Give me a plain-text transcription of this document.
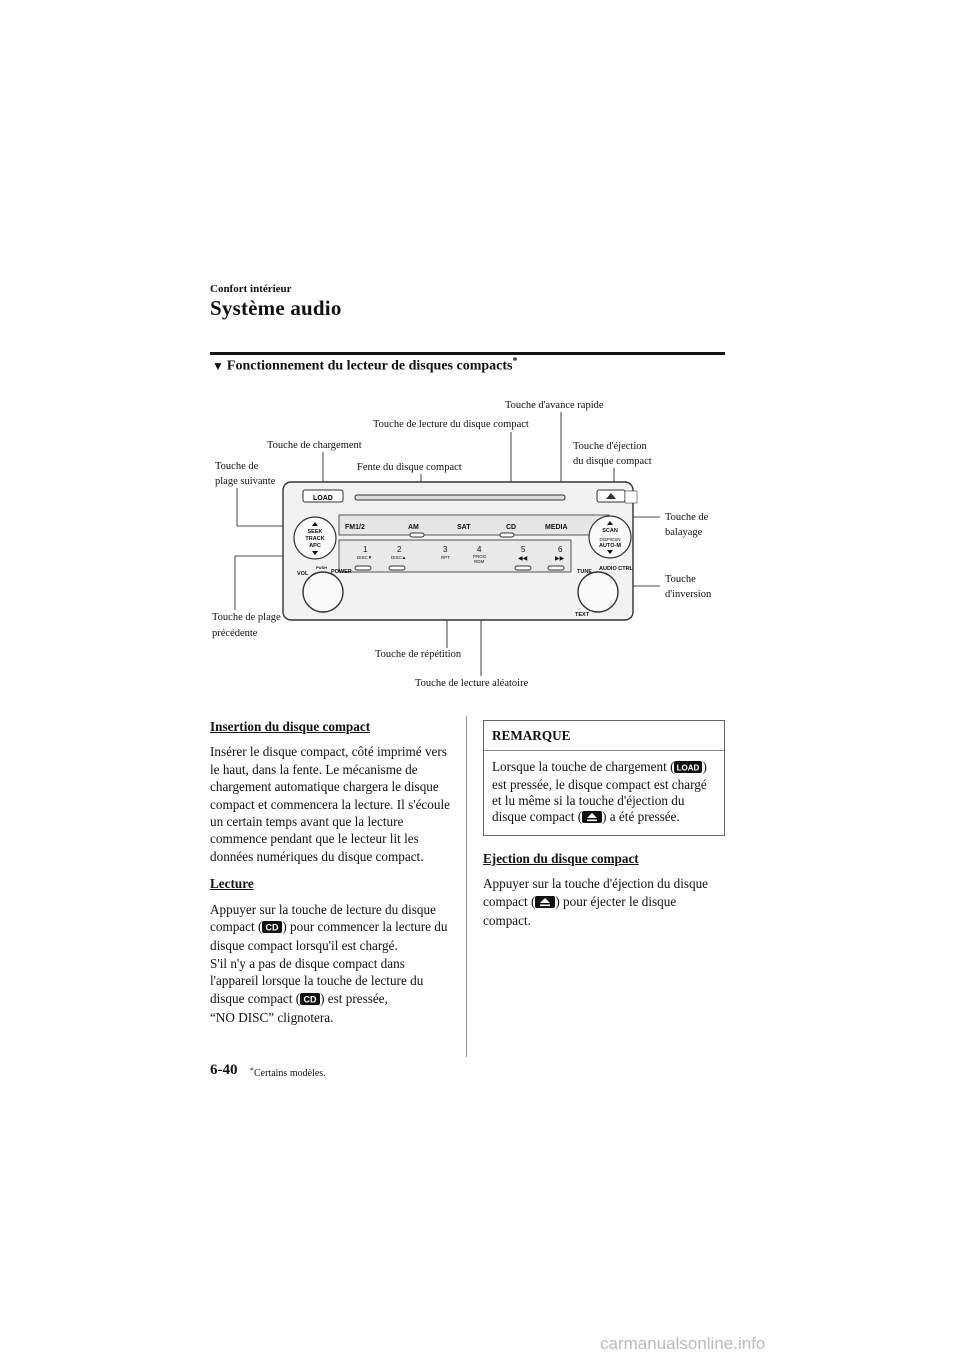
Confort intérieur
Système audio
▼ Fonctionnement du lecteur de disques compacts*
Touche d'avance rapide
Touche de lecture du disque compact
Touche de chargement	Touche d'éjection
du disque compact
Touche de
plage suivante
Fente du disque compact
Touche de
balayage
Touche
d'inversion
Touche de plage
précédente
Touche de répétition
Touche de lecture aléatoire
LOAD
FM1/2	AM	SAT	CD	MEDIA
1
DISC▼
2
DISC▲
3
RPT
4
PROG
RDM
5
◀◀
6
▶▶
SEEK
TRACK
APC
VOL
PUSH
POWER
SCAN
DISP/ESN
AUTO-M
TUNE AUDIO CTRL
TEXT
Insertion du disque compact

Insérer le disque compact, côté imprimé vers le haut, dans la fente. Le mécanisme de chargement automatique chargera le disque compact et commencera la lecture. Il s'écoule un certain temps avant que la lecture commence pendant que le lecteur lit les données numériques du disque compact.

Lecture

Appuyer sur la touche de lecture du disque compact ( CD ) pour commencer la lecture du disque compact lorsqu'il est chargé.
S'il n'y a pas de disque compact dans l'appareil lorsque la touche de lecture du disque compact ( CD ) est pressée,
“NO DISC” clignotera.

REMARQUE
Lorsque la touche de chargement ( LOAD ) est pressée, le disque compact est chargé et lu même si la touche d'éjection du disque compact ( ) a été pressée.
Ejection du disque compact

Appuyer sur la touche d'éjection du disque compact ( ) pour éjecter le disque compact.

6-40 *Certains modèles.
carmanualsonline.info
